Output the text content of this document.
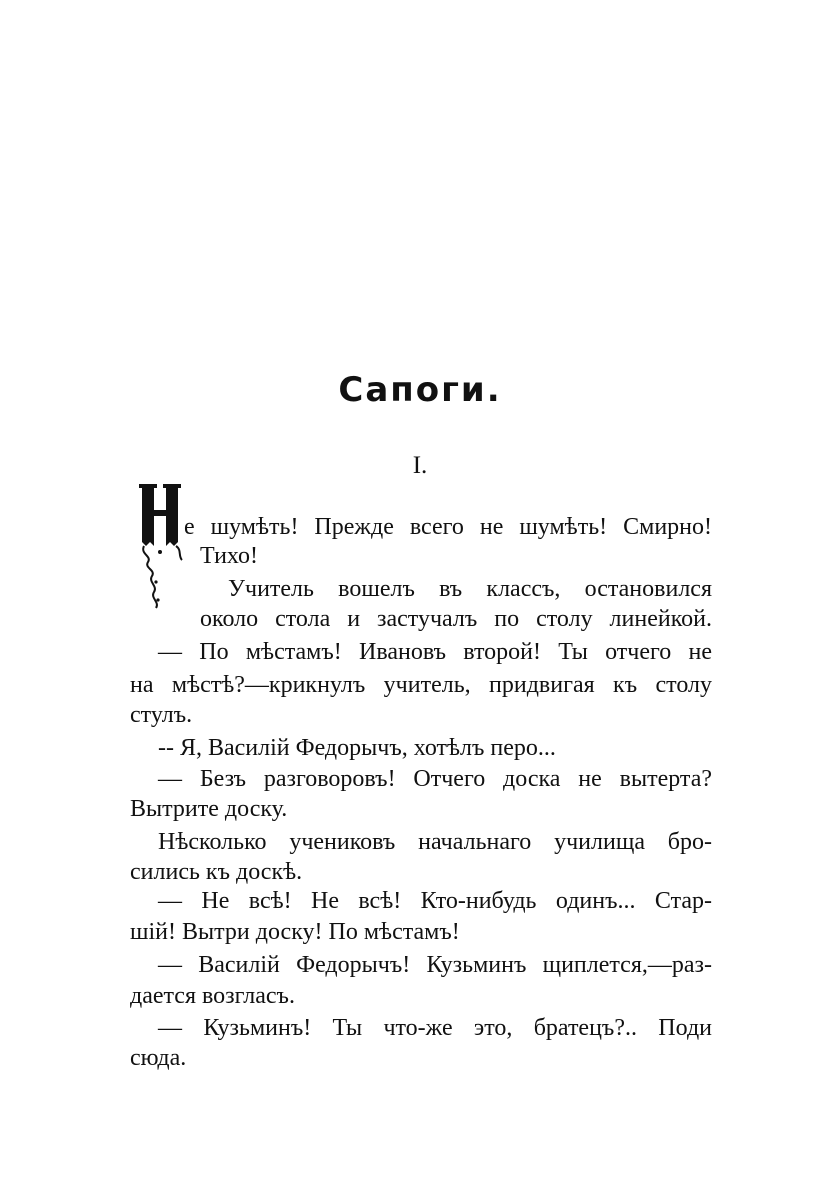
Сапоги.
I.
е шумѣть! Прежде всего не шумѣть! Смирно!
Тихо!
Учитель вошелъ въ классъ, остановился
около стола и застучалъ по столу линейкой.
— По мѣстамъ! Ивановъ второй! Ты отчего не
на мѣстѣ?—крикнулъ учитель, придвигая къ столу
стулъ.
-- Я, Василій Федорычъ, хотѣлъ перо...
— Безъ разговоровъ! Отчего доска не вытерта?
Вытрите доску.
Нѣсколько учениковъ начальнаго училища бро-
сились къ доскѣ.
— Не всѣ! Не всѣ! Кто-нибудь одинъ... Стар-
шій! Вытри доску! По мѣстамъ!
— Василій Федорычъ! Кузьминъ щиплется,—раз-
дается возгласъ.
— Кузьминъ! Ты что-же это, братецъ?.. Поди
сюда.
